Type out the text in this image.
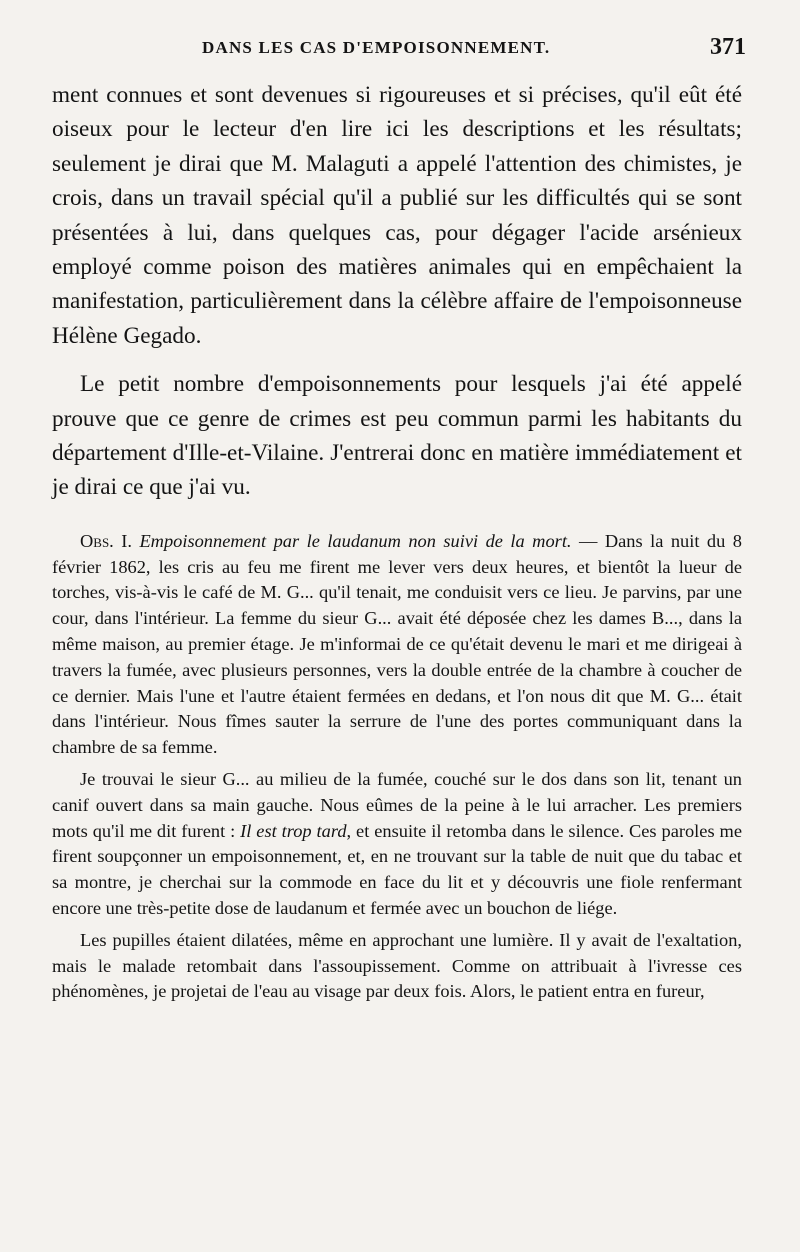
DANS LES CAS D'EMPOISONNEMENT.	371

ment connues et sont devenues si rigoureuses et si précises, qu'il eût été oiseux pour le lecteur d'en lire ici les descriptions et les résultats; seulement je dirai que M. Malaguti a appelé l'attention des chimistes, je crois, dans un travail spécial qu'il a publié sur les difficultés qui se sont présentées à lui, dans quelques cas, pour dégager l'acide arsénieux employé comme poison des matières animales qui en empêchaient la manifestation, particulièrement dans la célèbre affaire de l'empoisonneuse Hélène Gegado.

Le petit nombre d'empoisonnements pour lesquels j'ai été appelé prouve que ce genre de crimes est peu commun parmi les habitants du département d'Ille-et-Vilaine. J'entrerai donc en matière immédiatement et je dirai ce que j'ai vu.

Obs. I. Empoisonnement par le laudanum non suivi de la mort. — Dans la nuit du 8 février 1862, les cris au feu me firent me lever vers deux heures, et bientôt la lueur de torches, vis-à-vis le café de M. G... qu'il tenait, me conduisit vers ce lieu. Je parvins, par une cour, dans l'intérieur. La femme du sieur G... avait été déposée chez les dames B..., dans la même maison, au premier étage. Je m'informai de ce qu'était devenu le mari et me dirigeai à travers la fumée, avec plusieurs personnes, vers la double entrée de la chambre à coucher de ce dernier. Mais l'une et l'autre étaient fermées en dedans, et l'on nous dit que M. G... était dans l'intérieur. Nous fîmes sauter la serrure de l'une des portes communiquant dans la chambre de sa femme.

Je trouvai le sieur G... au milieu de la fumée, couché sur le dos dans son lit, tenant un canif ouvert dans sa main gauche. Nous eûmes de la peine à le lui arracher. Les premiers mots qu'il me dit furent : Il est trop tard, et ensuite il retomba dans le silence. Ces paroles me firent soupçonner un empoisonnement, et, en ne trouvant sur la table de nuit que du tabac et sa montre, je cherchai sur la commode en face du lit et y découvris une fiole renfermant encore une très-petite dose de laudanum et fermée avec un bouchon de liége.

Les pupilles étaient dilatées, même en approchant une lumière. Il y avait de l'exaltation, mais le malade retombait dans l'assoupissement. Comme on attribuait à l'ivresse ces phénomènes, je projetai de l'eau au visage par deux fois. Alors, le patient entra en fureur,
